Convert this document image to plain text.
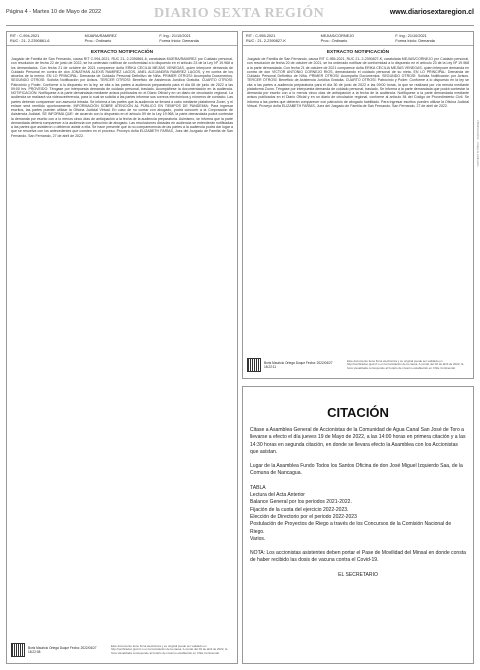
Página 4 - Martes 10 de Mayo de 2022	DIARIO SEXTA REGIÓN	www.diariosextaregion.cl
RIT : C-994-2021	MIJARA/RAMIREZ	F. Ing.: 21/10/2021
RUC : 21- 2-2390861-6	Proc.: Ordinario	Forma Inicio: Demanda
EXTRACTO NOTIFICACIÓN
Juzgado de Familia de San Fernando, causa RIT C-994-2021, RUC 21- 2-2390861-6, caratulada MIJERA/RAMIREZ por Cuidado personal, con resolución de fecha 22 de junio de 2022, se ha ordenado notificar de conformidad a lo dispuesto en el artículo 23 de la Ley Nº 19.968 a los demandados. Con fecha 21 de octubre de 2021 comparece doña ERIKA CECILIA MEJÍAS VENEGAS, quien interpone demanda de Cuidado Personal en contra de don JONATHAN ALEXIS RAMÍREZ LAGOS, ANEL ALEJANDRA RAMÍREZ LAGOS, y en contra de los abuelos de la menor. EN LO PRINCIPAL: Demanda de Cuidado Personal Definitivo de Niña. PRIMER OTROSÍ: Acompaña Documentos. SEGUNDO OTROSÍ: Solicita Notificación por Avisos. TERCER OTROSÍ: Beneficio de Asistencia Jurídica Gratuita. CUARTO OTROSÍ: Patrocinio y Poder. Conforme a lo dispuesto en la ley, se cita a las partes a audiencia preparatoria para el día 06 de junio de 2022 a las 09:00 hrs. PROVEIDO: Téngase por interpuesta demanda de cuidado personal, traslado. Acompáñese la documentación en la audiencia. NOTIFICACIÓN: Notifíquese a la parte demandada mediante avisos publicados en el Diario Oficial y en un diario de circulación regional. La audiencia se realizará vía videoconferencia, para lo cual se solicita a las partes informar sus correos electrónicos y números de contacto. Las partes deberán comparecer con asesoría letrada. Se informa a las partes que la audiencia se llevará a cabo mediante plataforma Zoom, y el enlace será remitido oportunamente. INFORMACIÓN SOBRE ATENCIÓN AL PÚBLICO EN TIEMPOS DE PANDEMIA: Para ingresar escritos, las partes pueden utilizar la Oficina Judicial Virtual. En caso de no contar con abogado, podrá concurrir a la Corporación de Asistencia Judicial. SE INFORMA QUE: de acuerdo con lo dispuesto en el artículo 59 de la Ley 19.968, la parte demandada podrá contestar la demanda por escrito con a lo menos cinco días de anticipación a la fecha de la audiencia preparatoria. Asimismo, se informa que la parte demandada deberá comparecer a la audiencia con patrocinio de abogado. Las resoluciones dictadas en audiencia se entenderán notificadas a las partes que asistieron o debieron asistir a ella. Se hace presente que la no comparecencia de las partes a la audiencia podrá dar lugar a que se resuelva con los antecedentes que consten en el proceso. Proveyó doña ELIZABETH FARÍAS, Juez del Juzgado de Familia de San Fernando. San Fernando, 27 de abril de 2022.
Boris Mauricio Ortega Duque Fecha: 2022/04/27 18:22:08
Este documento tiene firma electrónica y su original puede ser validado en http://verificadoc.pjud.cl o en la tramitación de la causa. A contar del 02 de abril de 2022, la hora visualizada corresponde al horario de invierno establecido en Chile Continental.
RIT : C-955-2021	MEJIAS/CORNEJO	F. Ing.: 21/10/2021
RUC : 21- 2-2390827-K	Proc.: Ordinario	Forma Inicio: Demanda
EXTRACTO NOTIFICACIÓN
Juzgado de Familia de San Fernando, causa RIT C-955-2021, RUC 21- 2-2390827-K, caratulada MEJIAS/CORNEJO por Cuidado personal, con resolución de fecha 20 de octubre de 2021, se ha ordenado notificar de conformidad a lo dispuesto en el artículo 23 de la Ley Nº 19.968 a la parte demandada. Con fecha 21 de octubre de 2021 comparece doña ERIKA CECILIA MEJÍAS VENEGAS, quien interpone demanda en contra de don VÍCTOR ANTONIO CORNEJO RIOS, demandando el cuidado personal de su nieta. EN LO PRINCIPAL: Demanda de Cuidado Personal Definitivo de Niña. PRIMER OTROSÍ: Acompaña Documentos. SEGUNDO OTROSÍ: Solicita Notificación por Avisos. TERCER OTROSÍ: Beneficio de Asistencia Jurídica Gratuita. CUARTO OTROSÍ: Patrocinio y Poder. Conforme a lo dispuesto en la ley se cita a las partes a audiencia preparatoria para el día 30 de junio de 2022 a las 09:00 horas, la que se realizará por vía remota mediante plataforma Zoom. Téngase por interpuesta demanda de cuidado personal, traslado. Se informa a la parte demandada que podrá contestar la demanda por escrito con a lo menos cinco días de anticipación a la fecha de la audiencia. Notifíquese a la parte demandada mediante avisos publicados en el Diario Oficial y en un diario de circulación regional, conforme al artículo 54 del Código de Procedimiento Civil. Se informa a las partes que deberán comparecer con patrocinio de abogado habilitado. Para ingresar escritos pueden utilizar la Oficina Judicial Virtual. Proveyó doña ELIZABETH FARÍAS, Juez del Juzgado de Familia de San Fernando. San Fernando, 27 de abril de 2022.
Boris Mauricio Ortega Duque Fecha: 2022/04/27 18:22:11
Este documento tiene firma electrónica y su original puede ser validado en http://verificadoc.pjud.cl o en la tramitación de la causa. A contar del 02 de abril de 2022, la hora visualizada corresponde al horario de invierno establecido en Chile Continental.
CITACIÓN

Citase a Asamblea General de Accionistas de la Comunidad de Agua Canal San José de Toro a llevarse a efecto el día jueves 19 de Mayo de 2022, a las 14:00 horas en primera citación y a las 14:30 horas en segunda citación, en donde se llevara efecto la Asamblea con los Accionistas que asistan.

Lugar de la Asamblea Fundo Todos los Santos Oficina de don José Miguel Izquierdo Saa, de la Comuna de Nancagua.

TABLA
Lectura del Acta Anterior
Balance General por los periodos 2021-2022.
Fijación de la cuota del ejercicio 2022-2023.
Elección de Directorio por el periodo 2022-2023
Postulación de Proyectos de Riego a través de los Concursos de la Comisión Nacional de Riego.
Varios.

NOTA: Los accionistas asistentes deben portar el Pase de Movilidad del Minsal en donde consta de haber recibido las dosis de vacuna contra el Covid-19.

EL SECRETARIO

CBWEVGAQXSZ · Código de verificación
